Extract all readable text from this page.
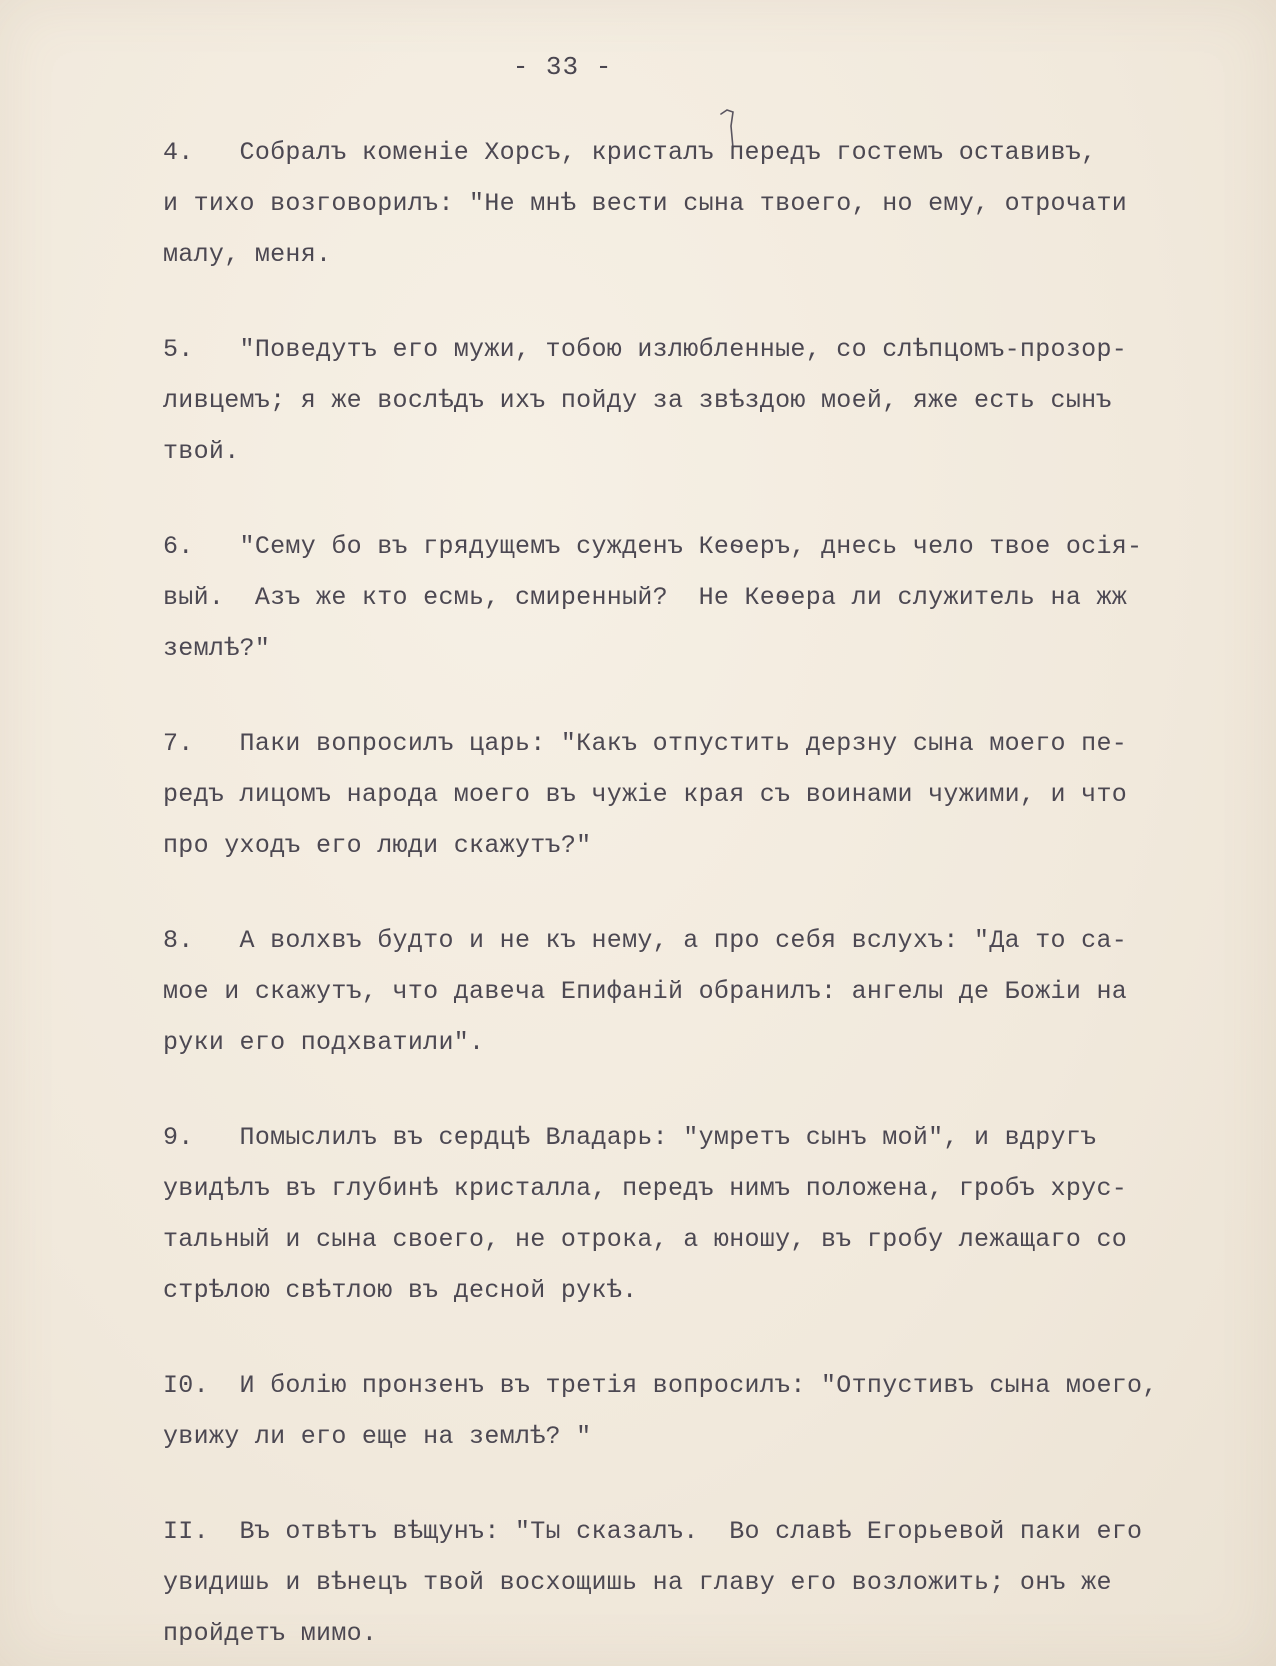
- 33 -
4.   Собралъ коменіе Хорсъ, кристалъ передъ гостемъ оставивъ,
и тихо возговорилъ: "Не мнѣ вести сына твоего, но ему, отрочати
малу, меня.
5.   "Поведутъ его мужи, тобою излюбленные, со слѣпцомъ-прозор-
ливцемъ; я же вослѣдъ ихъ пойду за звѣздою моей, яже есть сынъ
твой.
6.   "Сему бо въ грядущемъ сужденъ Кеѳеръ, днесь чело твое осія-
вый.  Азъ же кто есмь, смиренный?  Не Кеѳера ли служитель на жж
землѣ?"
7.   Паки вопросилъ царь: "Какъ отпустить дерзну сына моего пе-
редъ лицомъ народа моего въ чужіе края съ воинами чужими, и что
про уходъ его люди скажутъ?"
8.   А волхвъ будто и не къ нему, а про себя вслухъ: "Да то са-
мое и скажутъ, что давеча Епифаній обранилъ: ангелы де Божіи на
руки его подхватили".
9.   Помыслилъ въ сердцѣ Владарь: "умретъ сынъ мой", и вдругъ
увидѣлъ въ глубинѣ кристалла, передъ нимъ положена, гробъ хрус-
тальный и сына своего, не отрока, а юношу, въ гробу лежащаго со
стрѣлою свѣтлою въ десной рукѣ.
I0.  И болію пронзенъ въ третія вопросилъ: "Отпустивъ сына моего,
увижу ли его еще на землѣ? "
II.  Въ отвѣтъ вѣщунъ: "Ты сказалъ.  Во славѣ Егорьевой паки его
увидишь и вѣнецъ твой восхощишь на главу его возложить; онъ же
пройдетъ мимо.
